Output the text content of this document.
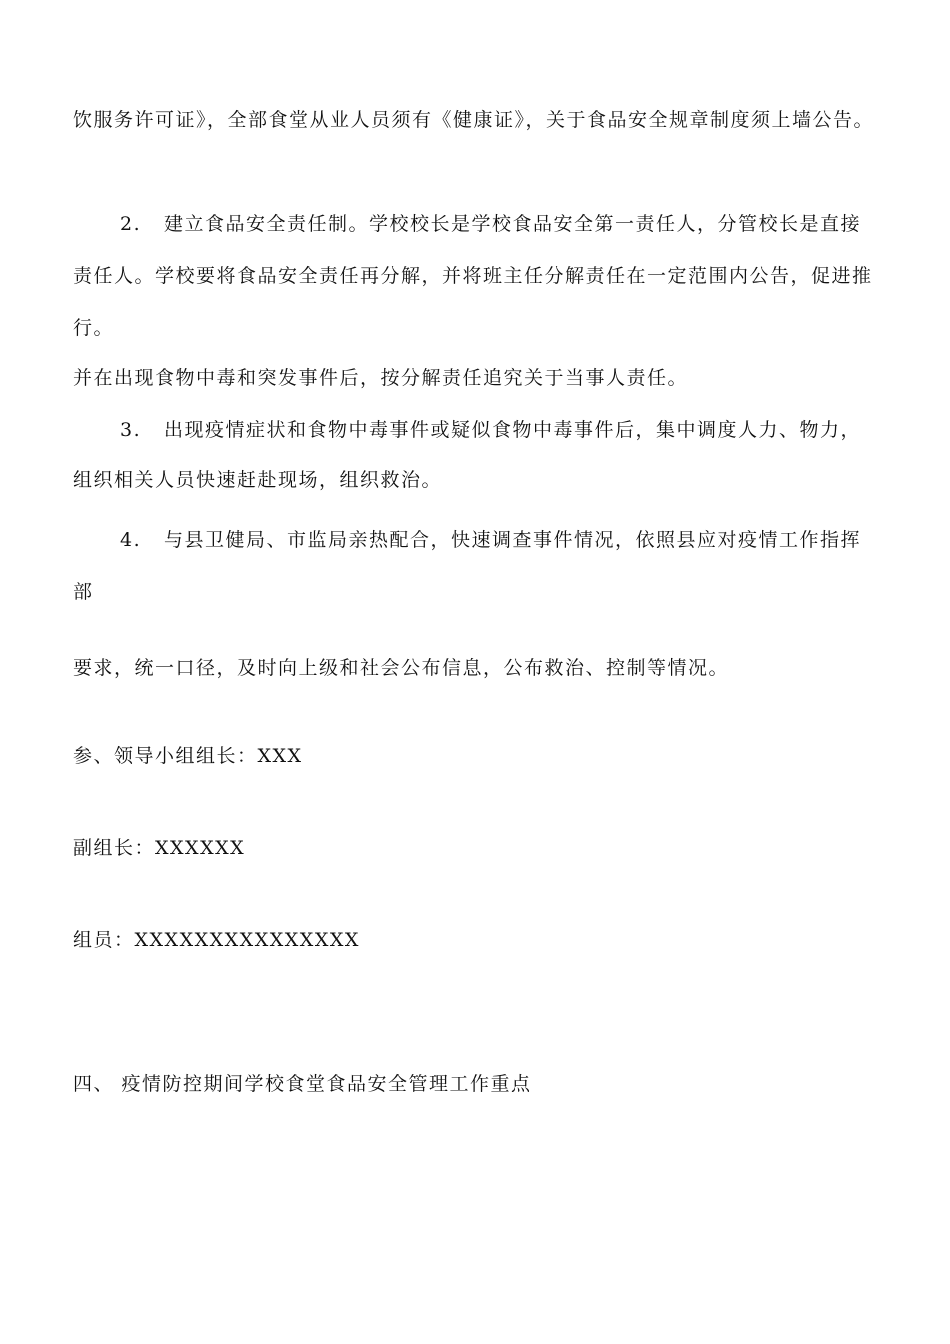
饮服务许可证》，全部食堂从业人员须有《健康证》，关于食品安全规章制度须上墙公告。
2. 建立食品安全责任制。学校校长是学校食品安全第一责任人，分管校长是直接
责任人。学校要将食品安全责任再分解，并将班主任分解责任在一定范围内公告，促进推
行。
并在出现食物中毒和突发事件后，按分解责任追究关于当事人责任。
3. 出现疫情症状和食物中毒事件或疑似食物中毒事件后，集中调度人力、物力，
组织相关人员快速赶赴现场，组织救治。
4. 与县卫健局、市监局亲热配合，快速调查事件情况，依照县应对疫情工作指挥
部
要求，统一口径，及时向上级和社会公布信息，公布救治、控制等情况。
参、领导小组组长：XXX
副组长：XXXXXX
组员：XXXXXXXXXXXXXXX
四、 疫情防控期间学校食堂食品安全管理工作重点
